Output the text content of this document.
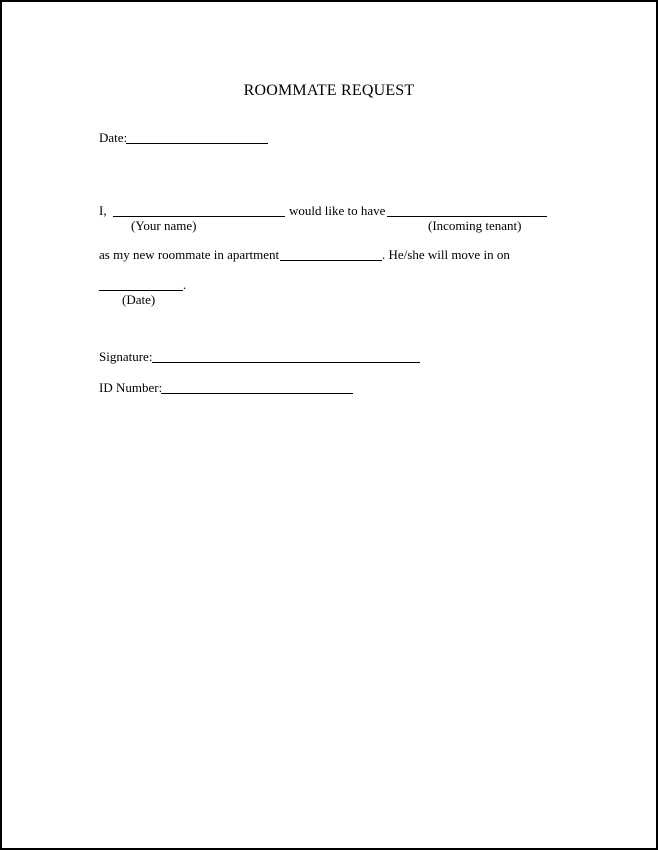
ROOMMATE REQUEST
Date:
I,	would like to have
(Your name)	(Incoming tenant)
as my new roommate in apartment	. He/she will move in on
.
(Date)
Signature:
ID Number:
